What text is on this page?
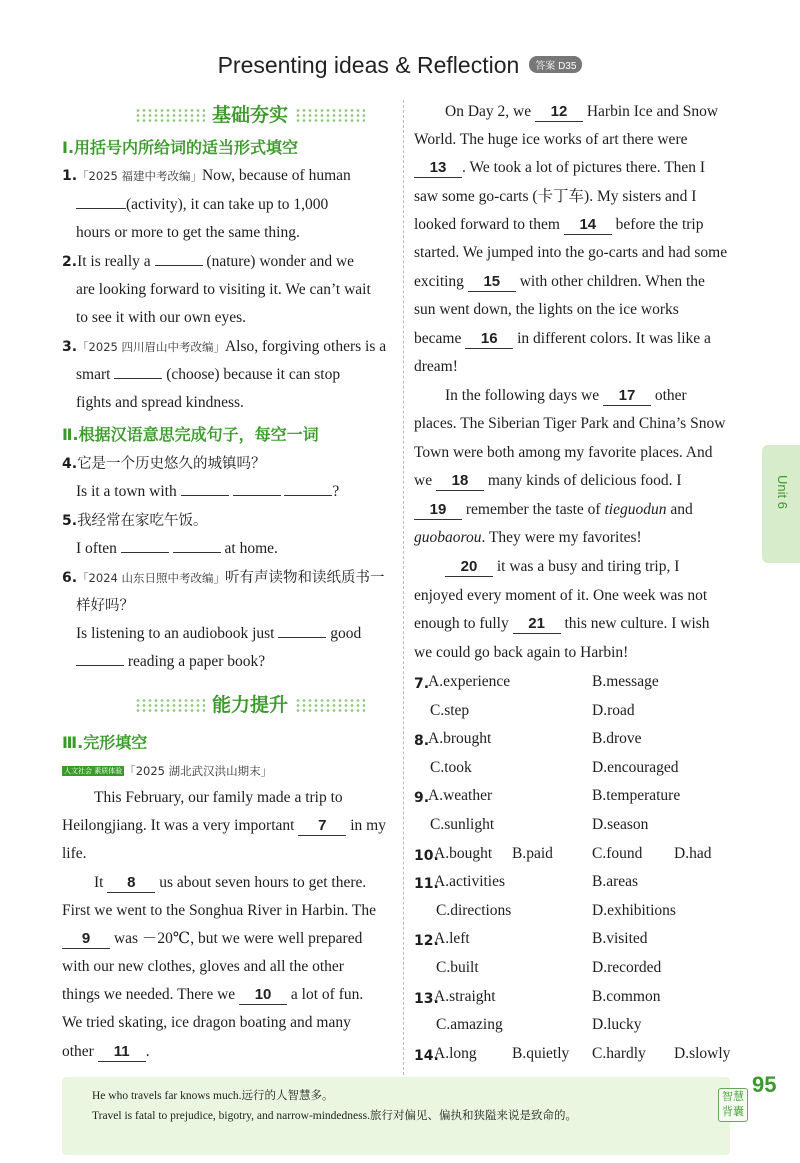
Presenting ideas & Reflection 答案 D35
基础夯实
Ⅰ.用括号内所给词的适当形式填空
1.「2025 福建中考改编」Now, because of human
(activity), it can take up to 1,000
hours or more to get the same thing.
2.It is really a	(nature) wonder and we
are looking forward to visiting it. We can’t wait
to see it with our own eyes.
3.「2025 四川眉山中考改编」Also, forgiving others is a
smart	(choose) because it can stop
fights and spread kindness.
Ⅱ.根据汉语意思完成句子，每空一词
4.它是一个历史悠久的城镇吗？
Is it a town with	?
5.我经常在家吃午饭。
I often	at home.
6.「2024 山东日照中考改编」听有声读物和读纸质书一
样好吗？
Is listening to an audiobook just	good
reading a paper book?
能力提升
Ⅲ.完形填空
人文社会 素质体验 「2025 湖北武汉洪山期末」
This February, our family made a trip to
Heilongjiang. It was a very important 7 in my
life.
It 8 us about seven hours to get there.
First we went to the Songhua River in Harbin. The
9 was －20℃, but we were well prepared
with our new clothes, gloves and all the other
things we needed. There we 10 a lot of fun.
We tried skating, ice dragon boating and many
other 11 .
On Day 2, we 12 Harbin Ice and Snow
World. The huge ice works of art there were
13 . We took a lot of pictures there. Then I
saw some go-carts (卡丁车). My sisters and I
looked forward to them 14 before the trip
started. We jumped into the go-carts and had some
exciting 15 with other children. When the
sun went down, the lights on the ice works
became 16 in different colors. It was like a
dream!
In the following days we 17 other
places. The Siberian Tiger Park and China’s Snow
Town were both among my favorite places. And
we 18 many kinds of delicious food. I
19 remember the taste of tieguodun and
guobaorou. They were my favorites!
20 it was a busy and tiring trip, I
enjoyed every moment of it. One week was not
enough to fully 21 this new culture. I wish
we could go back again to Harbin!
7.
A.experience	B.message
C.step	D.road
8.
A.brought	B.drove
C.took	D.encouraged
9.
A.weather	B.temperature
C.sunlight	D.season
10.
A.bought B.paid	C.found D.had
11.
A.activities	B.areas
C.directions	D.exhibitions
12.
A.left	B.visited
C.built	D.recorded
13.
A.straight	B.common
C.amazing	D.lucky
14.
A.long B.quietly C.hardly D.slowly
Unit 6
He who travels far knows much.远行的人智慧多。
Travel is fatal to prejudice, bigotry, and narrow-mindedness.旅行对偏见、偏执和狭隘来说是致命的。
智慧
背囊
95
